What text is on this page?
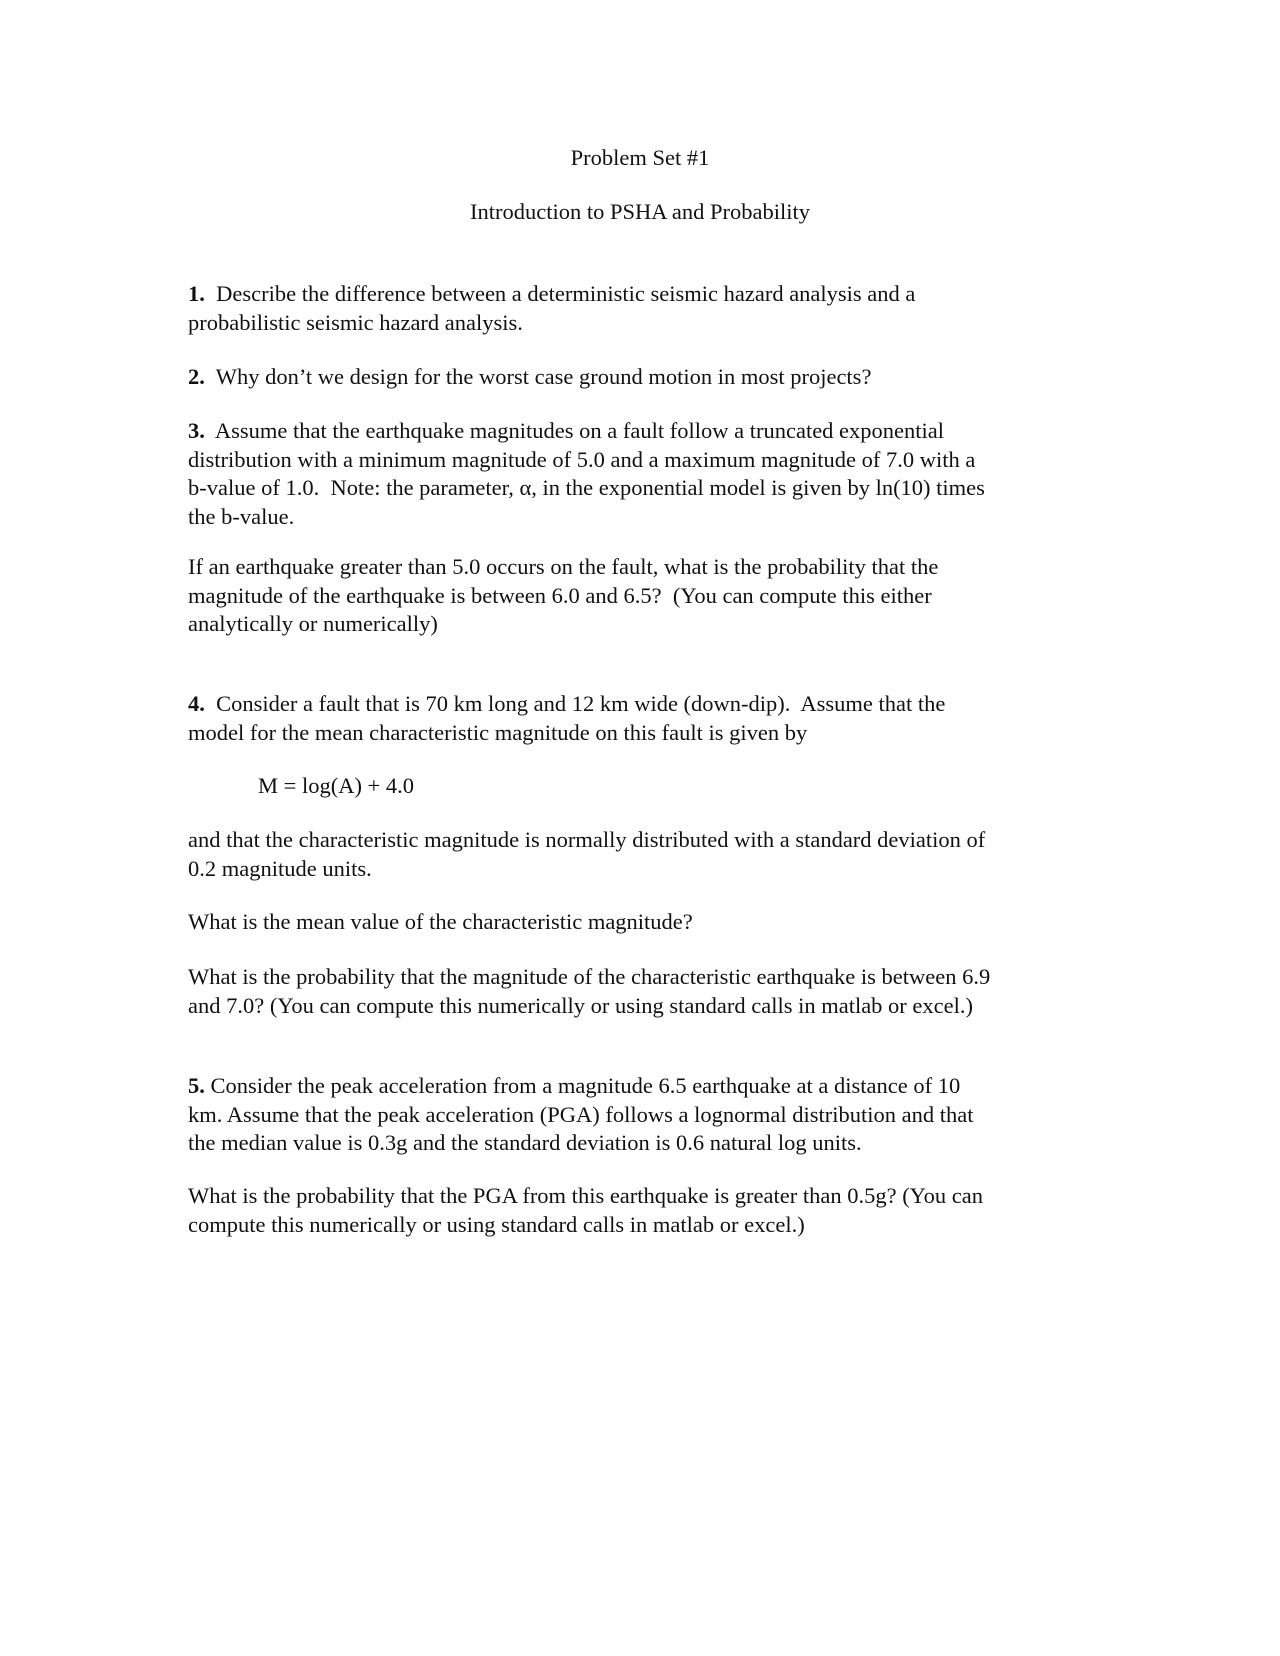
Problem Set #1
Introduction to PSHA and Probability
1.  Describe the difference between a deterministic seismic hazard analysis and a
probabilistic seismic hazard analysis.
2.  Why don’t we design for the worst case ground motion in most projects?
3.  Assume that the earthquake magnitudes on a fault follow a truncated exponential
distribution with a minimum magnitude of 5.0 and a maximum magnitude of 7.0 with a
b-value of 1.0.  Note: the parameter, α, in the exponential model is given by ln(10) times
the b-value.
If an earthquake greater than 5.0 occurs on the fault, what is the probability that the
magnitude of the earthquake is between 6.0 and 6.5?  (You can compute this either
analytically or numerically)
4.  Consider a fault that is 70 km long and 12 km wide (down-dip).  Assume that the
model for the mean characteristic magnitude on this fault is given by
M = log(A) + 4.0
and that the characteristic magnitude is normally distributed with a standard deviation of
0.2 magnitude units.
What is the mean value of the characteristic magnitude?
What is the probability that the magnitude of the characteristic earthquake is between 6.9
and 7.0? (You can compute this numerically or using standard calls in matlab or excel.)
5. Consider the peak acceleration from a magnitude 6.5 earthquake at a distance of 10
km. Assume that the peak acceleration (PGA) follows a lognormal distribution and that
the median value is 0.3g and the standard deviation is 0.6 natural log units.
What is the probability that the PGA from this earthquake is greater than 0.5g? (You can
compute this numerically or using standard calls in matlab or excel.)
